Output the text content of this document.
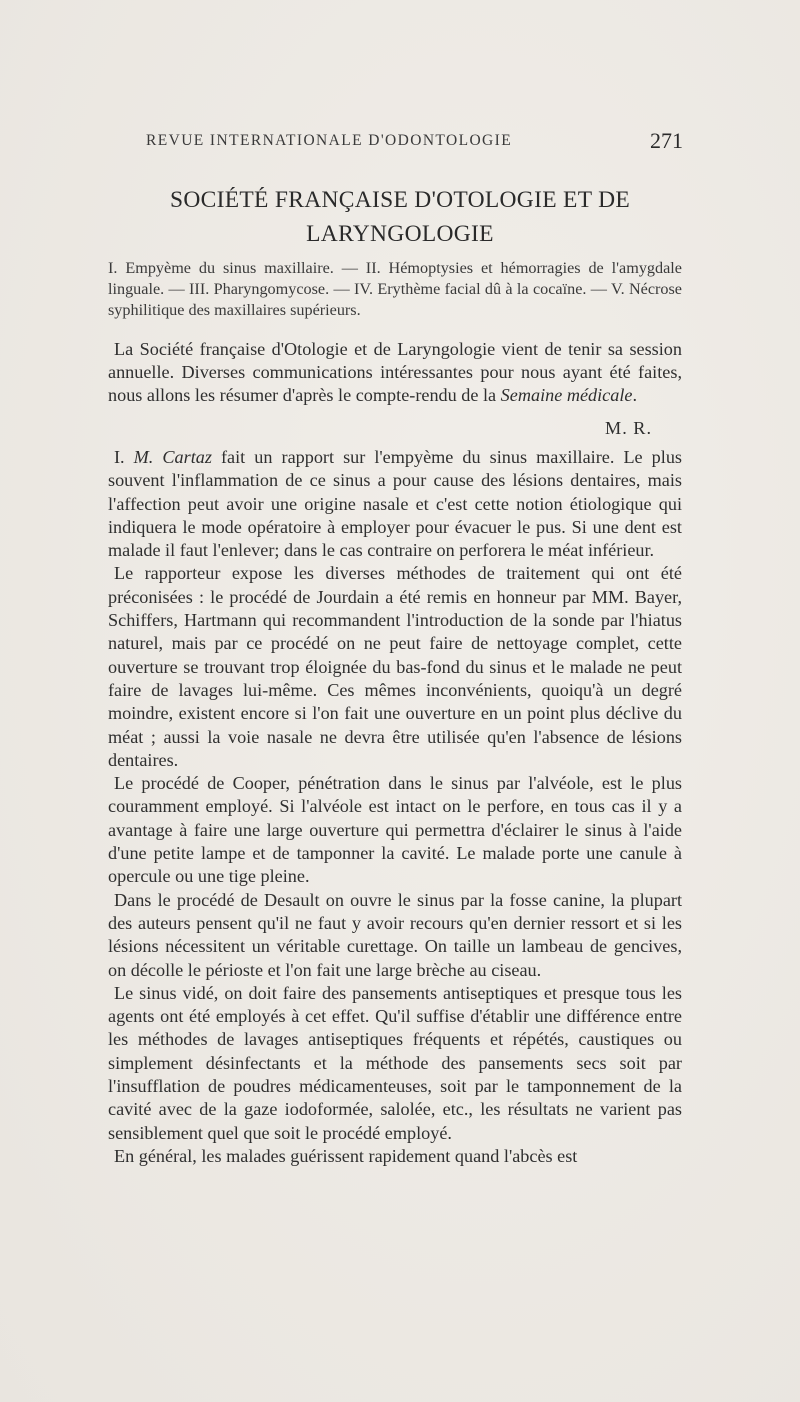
REVUE INTERNATIONALE D'ODONTOLOGIE	271
SOCIÉTÉ FRANÇAISE D'OTOLOGIE ET DE
LARYNGOLOGIE
I. Empyème du sinus maxillaire. — II. Hémoptysies et hémorragies de l'amygdale linguale. — III. Pharyngomycose. — IV. Erythème facial dû à la cocaïne. — V. Nécrose syphilitique des maxillaires supérieurs.
La Société française d'Otologie et de Laryngologie vient de tenir sa session annuelle. Diverses communications intéressantes pour nous ayant été faites, nous allons les résumer d'après le compte-rendu de la Semaine médicale.
M. R.

I. M. Cartaz fait un rapport sur l'empyème du sinus maxillaire. Le plus souvent l'inflammation de ce sinus a pour cause des lésions dentaires, mais l'affection peut avoir une origine nasale et c'est cette notion étiologique qui indiquera le mode opératoire à employer pour évacuer le pus. Si une dent est malade il faut l'enlever; dans le cas contraire on perforera le méat inférieur.

Le rapporteur expose les diverses méthodes de traitement qui ont été préconisées : le procédé de Jourdain a été remis en honneur par MM. Bayer, Schiffers, Hartmann qui recommandent l'introduction de la sonde par l'hiatus naturel, mais par ce procédé on ne peut faire de nettoyage complet, cette ouverture se trouvant trop éloignée du bas-fond du sinus et le malade ne peut faire de lavages lui-même. Ces mêmes inconvénients, quoiqu'à un degré moindre, existent encore si l'on fait une ouverture en un point plus déclive du méat ; aussi la voie nasale ne devra être utilisée qu'en l'absence de lésions dentaires.

Le procédé de Cooper, pénétration dans le sinus par l'alvéole, est le plus couramment employé. Si l'alvéole est intact on le perfore, en tous cas il y a avantage à faire une large ouverture qui permettra d'éclairer le sinus à l'aide d'une petite lampe et de tamponner la cavité. Le malade porte une canule à opercule ou une tige pleine.

Dans le procédé de Desault on ouvre le sinus par la fosse canine, la plupart des auteurs pensent qu'il ne faut y avoir recours qu'en dernier ressort et si les lésions nécessitent un véritable curettage. On taille un lambeau de gencives, on décolle le périoste et l'on fait une large brèche au ciseau.

Le sinus vidé, on doit faire des pansements antiseptiques et presque tous les agents ont été employés à cet effet. Qu'il suffise d'établir une différence entre les méthodes de lavages antiseptiques fréquents et répétés, caustiques ou simplement désinfectants et la méthode des pansements secs soit par l'insufflation de poudres médicamenteuses, soit par le tamponnement de la cavité avec de la gaze iodoformée, salolée, etc., les résultats ne varient pas sensiblement quel que soit le procédé employé.

En général, les malades guérissent rapidement quand l'abcès est
